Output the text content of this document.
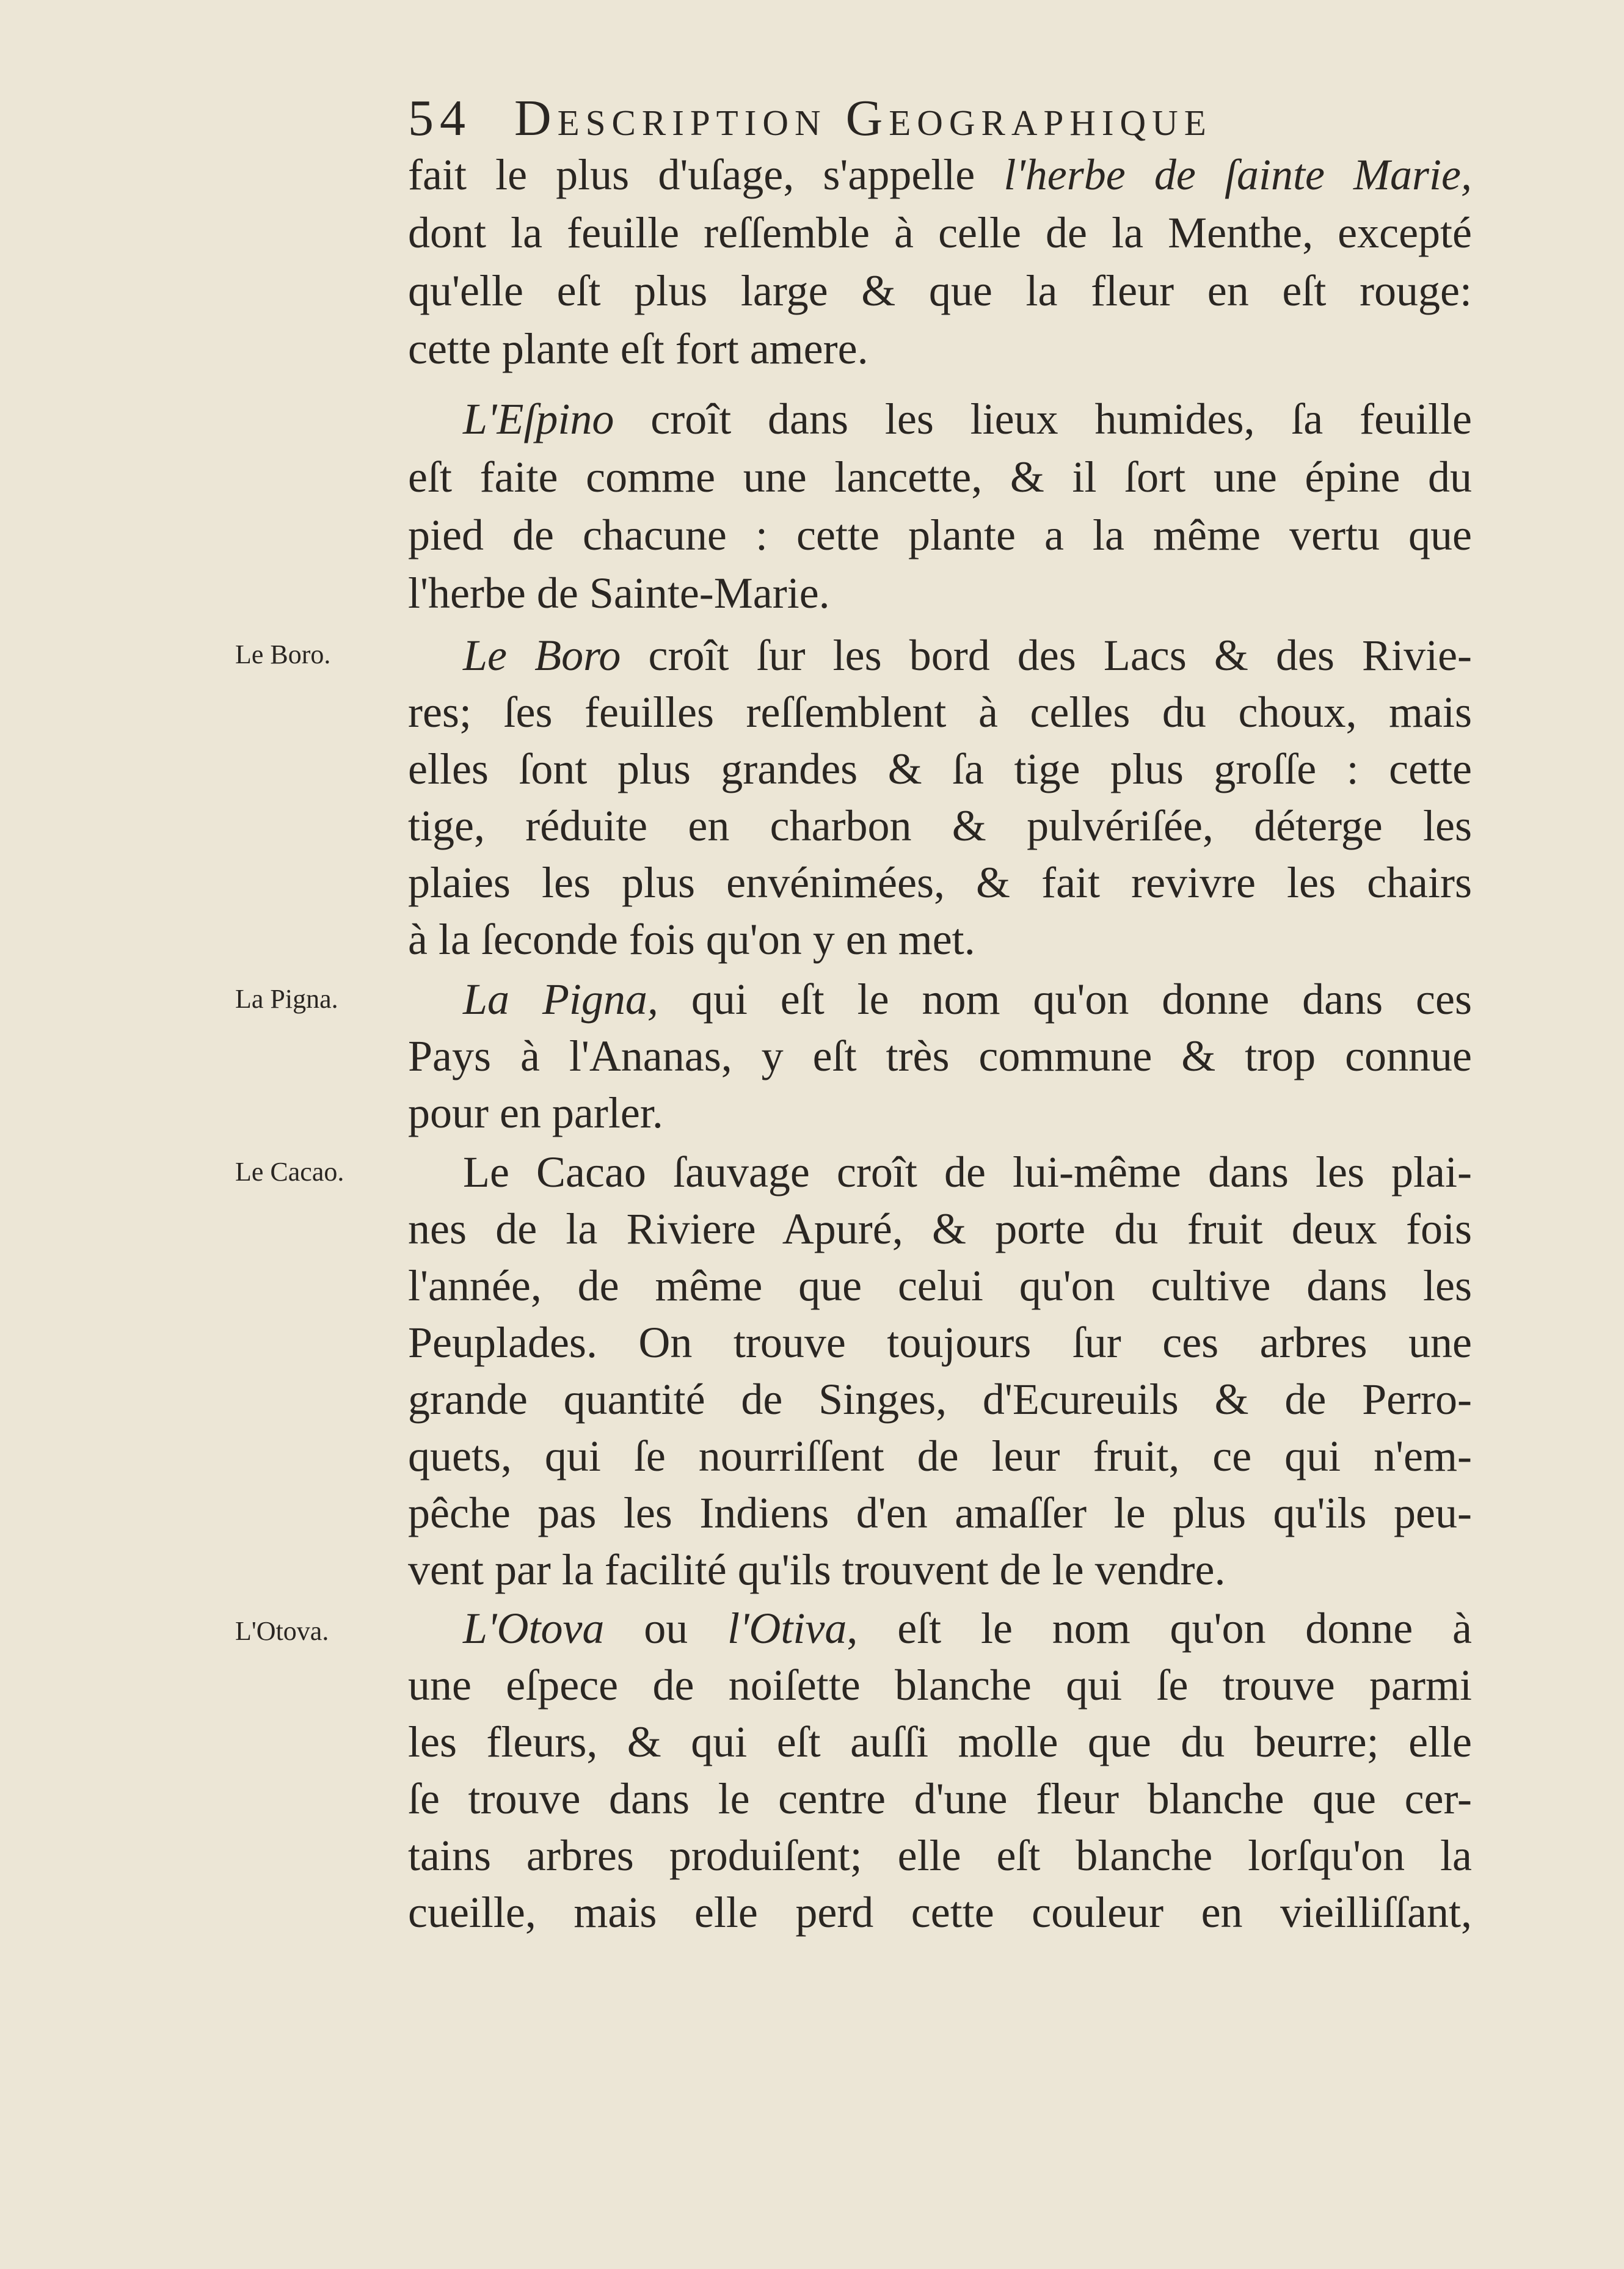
54 Description Geographique
Le Boro.
La Pigna.
Le Cacao.
L'Otova.
fait le plus d'uſage, s'appelle l'herbe de ſainte Marie,
dont la feuille reſſemble à celle de la Menthe, excepté
qu'elle eſt plus large & que la fleur en eſt rouge:
cette plante eſt fort amere.
L'Eſpino croît dans les lieux humides, ſa feuille
eſt faite comme une lancette, & il ſort une épine du
pied de chacune : cette plante a la même vertu que
l'herbe de Sainte-Marie.
Le Boro croît ſur les bord des Lacs & des Rivie-
res; ſes feuilles reſſemblent à celles du choux, mais
elles ſont plus grandes & ſa tige plus groſſe : cette
tige, réduite en charbon & pulvériſée, déterge les
plaies les plus envénimées, & fait revivre les chairs
à la ſeconde fois qu'on y en met.
La Pigna, qui eſt le nom qu'on donne dans ces
Pays à l'Ananas, y eſt très commune & trop connue
pour en parler.
Le Cacao ſauvage croît de lui-même dans les plai-
nes de la Riviere Apuré, & porte du fruit deux fois
l'année, de même que celui qu'on cultive dans les
Peuplades. On trouve toujours ſur ces arbres une
grande quantité de Singes, d'Ecureuils & de Perro-
quets, qui ſe nourriſſent de leur fruit, ce qui n'em-
pêche pas les Indiens d'en amaſſer le plus qu'ils peu-
vent par la facilité qu'ils trouvent de le vendre.
L'Otova ou l'Otiva, eſt le nom qu'on donne à
une eſpece de noiſette blanche qui ſe trouve parmi
les fleurs, & qui eſt auſſi molle que du beurre; elle
ſe trouve dans le centre d'une fleur blanche que cer-
tains arbres produiſent; elle eſt blanche lorſqu'on la
cueille, mais elle perd cette couleur en vieilliſſant,
